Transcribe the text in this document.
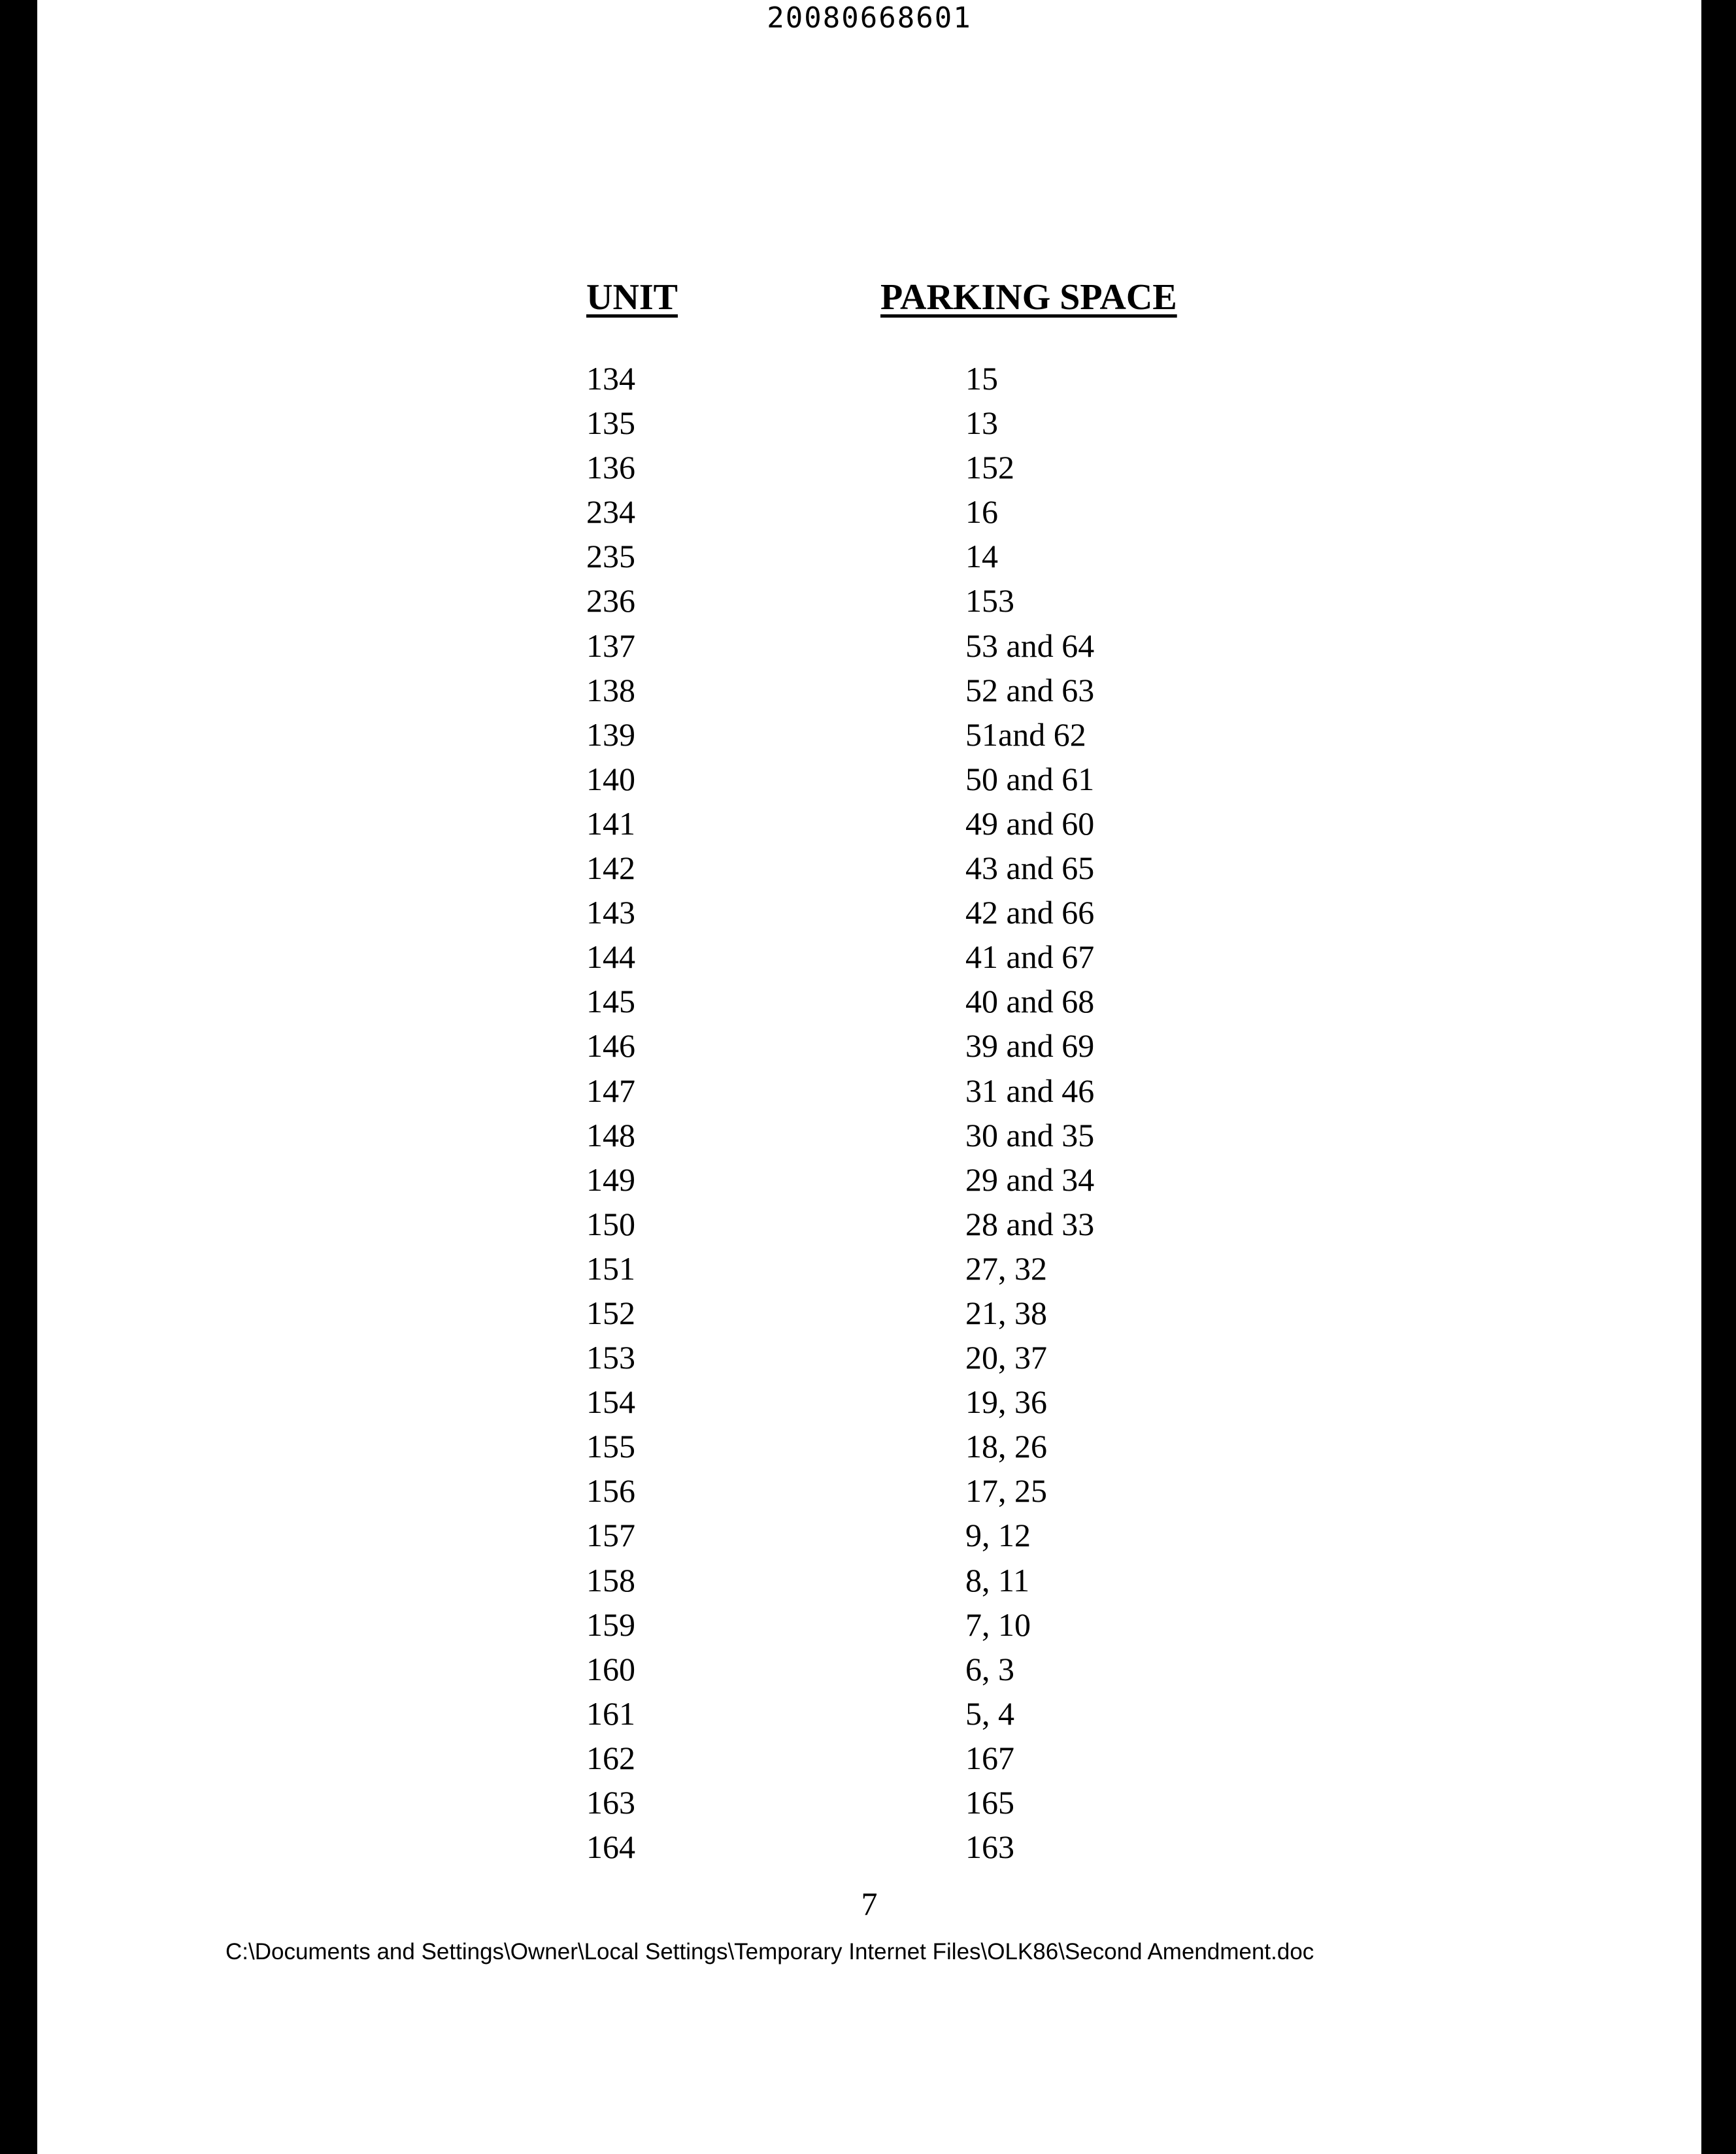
20080668601
UNIT	PARKING SPACE
134	15
135	13
136	152
234	16
235	14
236	153
137	53 and 64
138	52 and 63
139	51and 62
140	50 and 61
141	49 and 60
142	43 and 65
143	42 and 66
144	41 and 67
145	40 and 68
146	39 and 69
147	31 and 46
148	30 and 35
149	29 and 34
150	28 and 33
151	27, 32
152	21, 38
153	20, 37
154	19, 36
155	18, 26
156	17, 25
157	9, 12
158	8, 11
159	7, 10
160	6, 3
161	5, 4
162	167
163	165
164	163
7
C:\Documents and Settings\Owner\Local Settings\Temporary Internet Files\OLK86\Second Amendment.doc
